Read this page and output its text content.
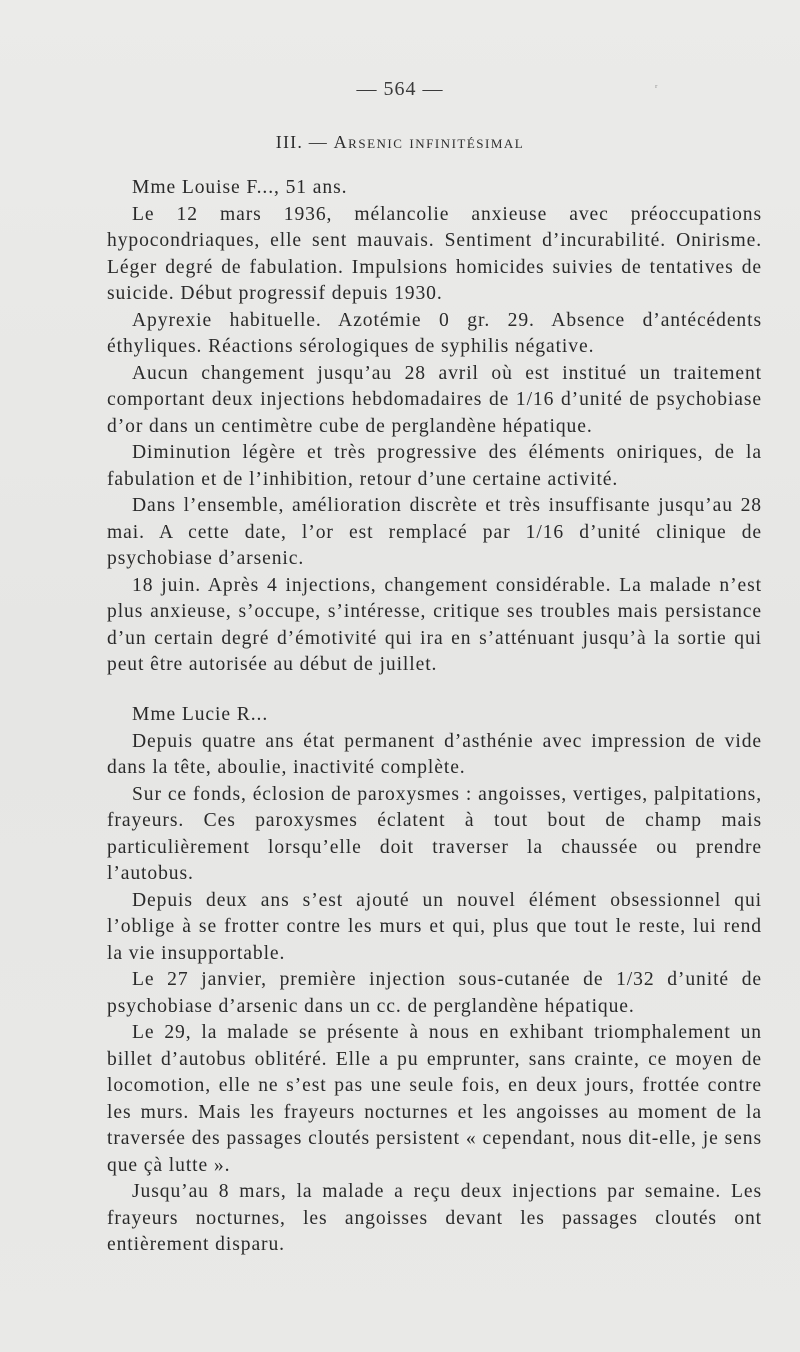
ʳ
— 564 —
III. — Arsenic infinitésimal

Mme Louise F..., 51 ans.

Le 12 mars 1936, mélancolie anxieuse avec préoccupations hypocondriaques, elle sent mauvais. Sentiment d’incurabilité. Onirisme. Léger degré de fabulation. Impulsions homicides suivies de tentatives de suicide. Début progressif depuis 1930.

Apyrexie habituelle. Azotémie 0 gr. 29. Absence d’antécédents éthyliques. Réactions sérologiques de syphilis négative.

Aucun changement jusqu’au 28 avril où est institué un traitement comportant deux injections hebdomadaires de 1/16 d’unité de psychobiase d’or dans un centimètre cube de perglandène hépatique.

Diminution légère et très progressive des éléments oniriques, de la fabulation et de l’inhibition, retour d’une certaine activité.

Dans l’ensemble, amélioration discrète et très insuffisante jusqu’au 28 mai. A cette date, l’or est remplacé par 1/16 d’unité clinique de psychobiase d’arsenic.

18 juin. Après 4 injections, changement considérable. La malade n’est plus anxieuse, s’occupe, s’intéresse, critique ses troubles mais persistance d’un certain degré d’émotivité qui ira en s’atténuant jusqu’à la sortie qui peut être autorisée au début de juillet.

Mme Lucie R...

Depuis quatre ans état permanent d’asthénie avec impression de vide dans la tête, aboulie, inactivité complète.

Sur ce fonds, éclosion de paroxysmes : angoisses, vertiges, palpitations, frayeurs. Ces paroxysmes éclatent à tout bout de champ mais particulièrement lorsqu’elle doit traverser la chaussée ou prendre l’autobus.

Depuis deux ans s’est ajouté un nouvel élément obsessionnel qui l’oblige à se frotter contre les murs et qui, plus que tout le reste, lui rend la vie insupportable.

Le 27 janvier, première injection sous-cutanée de 1/32 d’unité de psychobiase d’arsenic dans un cc. de perglandène hépatique.

Le 29, la malade se présente à nous en exhibant triomphalement un billet d’autobus oblitéré. Elle a pu emprunter, sans crainte, ce moyen de locomotion, elle ne s’est pas une seule fois, en deux jours, frottée contre les murs. Mais les frayeurs nocturnes et les angoisses au moment de la traversée des passages cloutés persistent « cependant, nous dit-elle, je sens que çà lutte ».

Jusqu’au 8 mars, la malade a reçu deux injections par semaine. Les frayeurs nocturnes, les angoisses devant les passages cloutés ont entièrement disparu.
